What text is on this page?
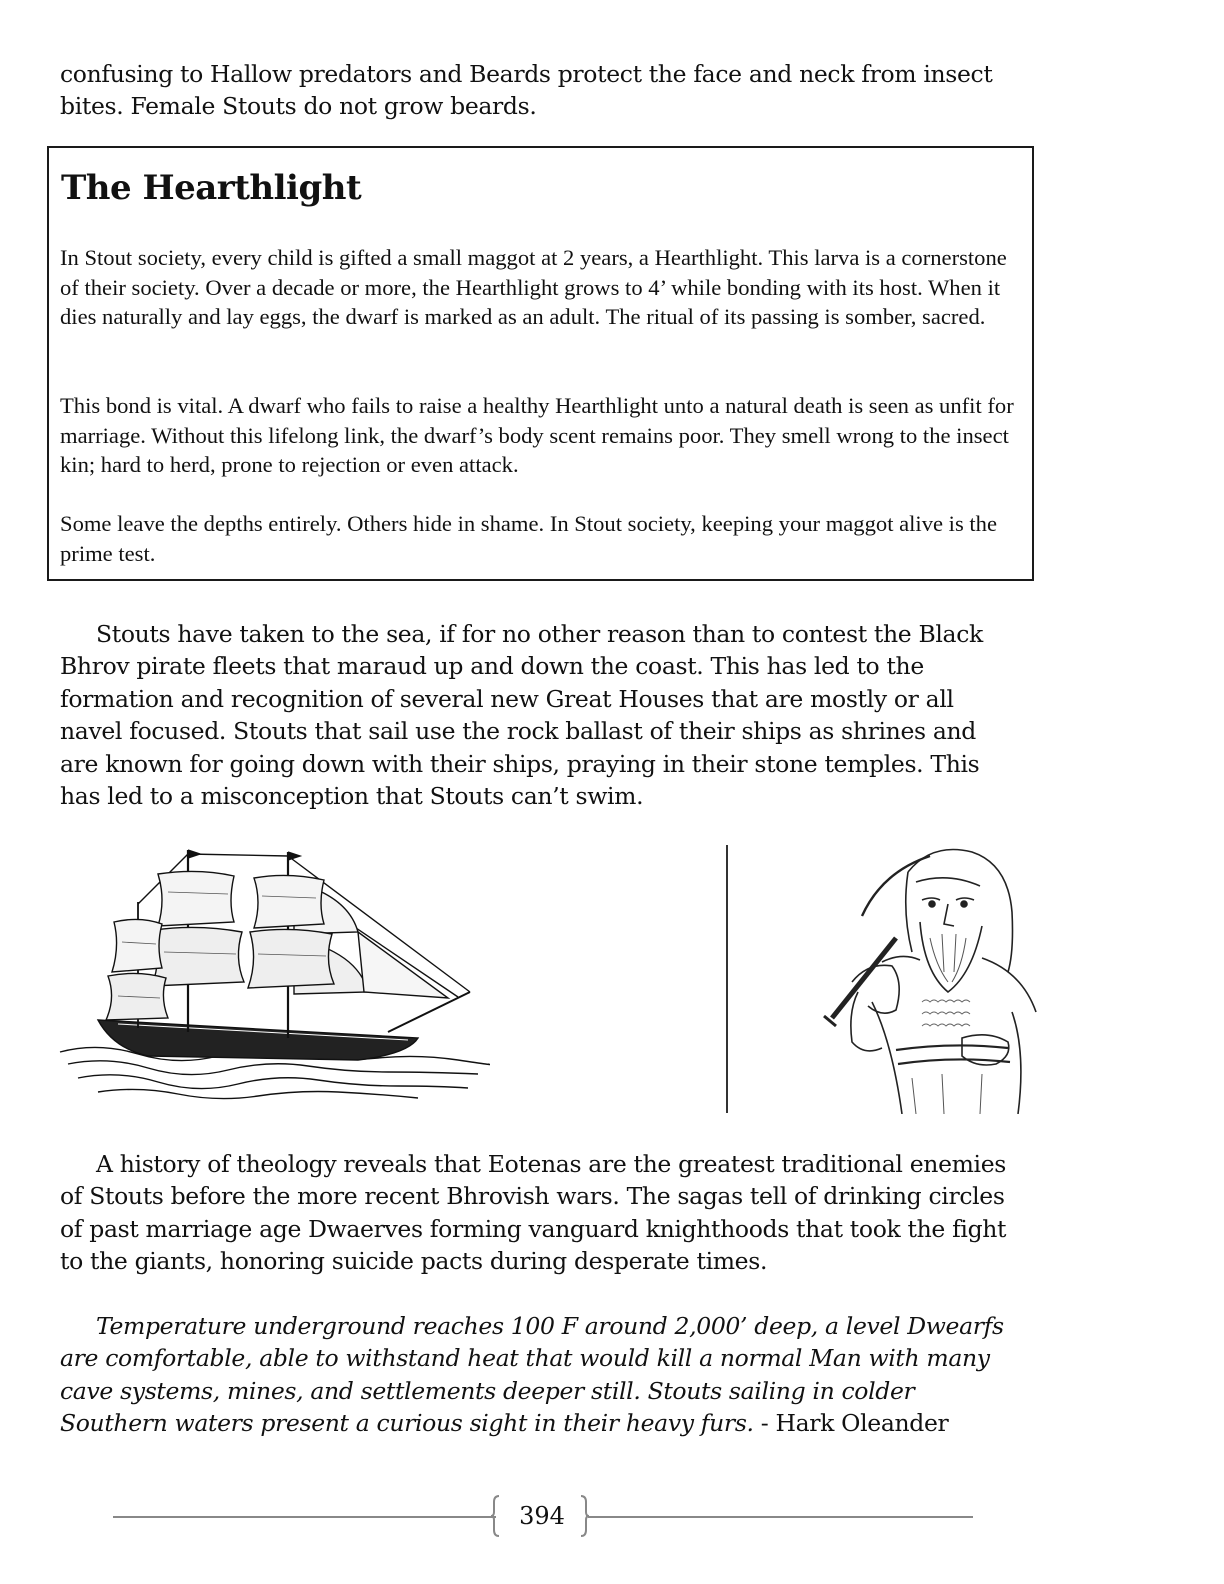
confusing to Hallow predators and Beards protect the face and neck from insect bites. Female Stouts do not grow beards.

The Hearthlight

In Stout society, every child is gifted a small maggot at 2 years, a Hearthlight. This larva is a cornerstone of their society. Over a decade or more, the Hearthlight grows to 4’ while bonding with its host. When it dies naturally and lay eggs, the dwarf is marked as an adult. The ritual of its passing is somber, sacred.

This bond is vital. A dwarf who fails to raise a healthy Hearthlight unto a natural death is seen as unfit for marriage. Without this lifelong link, the dwarf’s body scent remains poor. They smell wrong to the insect kin; hard to herd, prone to rejection or even attack.

Some leave the depths entirely. Others hide in shame. In Stout society, keeping your maggot alive is the prime test.

Stouts have taken to the sea, if for no other reason than to contest the Black Bhrov pirate fleets that maraud up and down the coast. This has led to the formation and recognition of several new Great Houses that are mostly or all navel focused. Stouts that sail use the rock ballast of their ships as shrines and are known for going down with their ships, praying in their stone temples. This has led to a misconception that Stouts can’t swim.

A history of theology reveals that Eotenas are the greatest traditional enemies of Stouts before the more recent Bhrovish wars. The sagas tell of drinking circles of past marriage age Dwaerves forming vanguard knighthoods that took the fight to the giants, honoring suicide pacts during desperate times.

Temperature underground reaches 100 F around 2,000’ deep, a level Dwearfs are comfortable, able to withstand heat that would kill a normal Man with many cave systems, mines, and settlements deeper still. Stouts sailing in colder Southern waters present a curious sight in their heavy furs. - Hark Oleander

394
